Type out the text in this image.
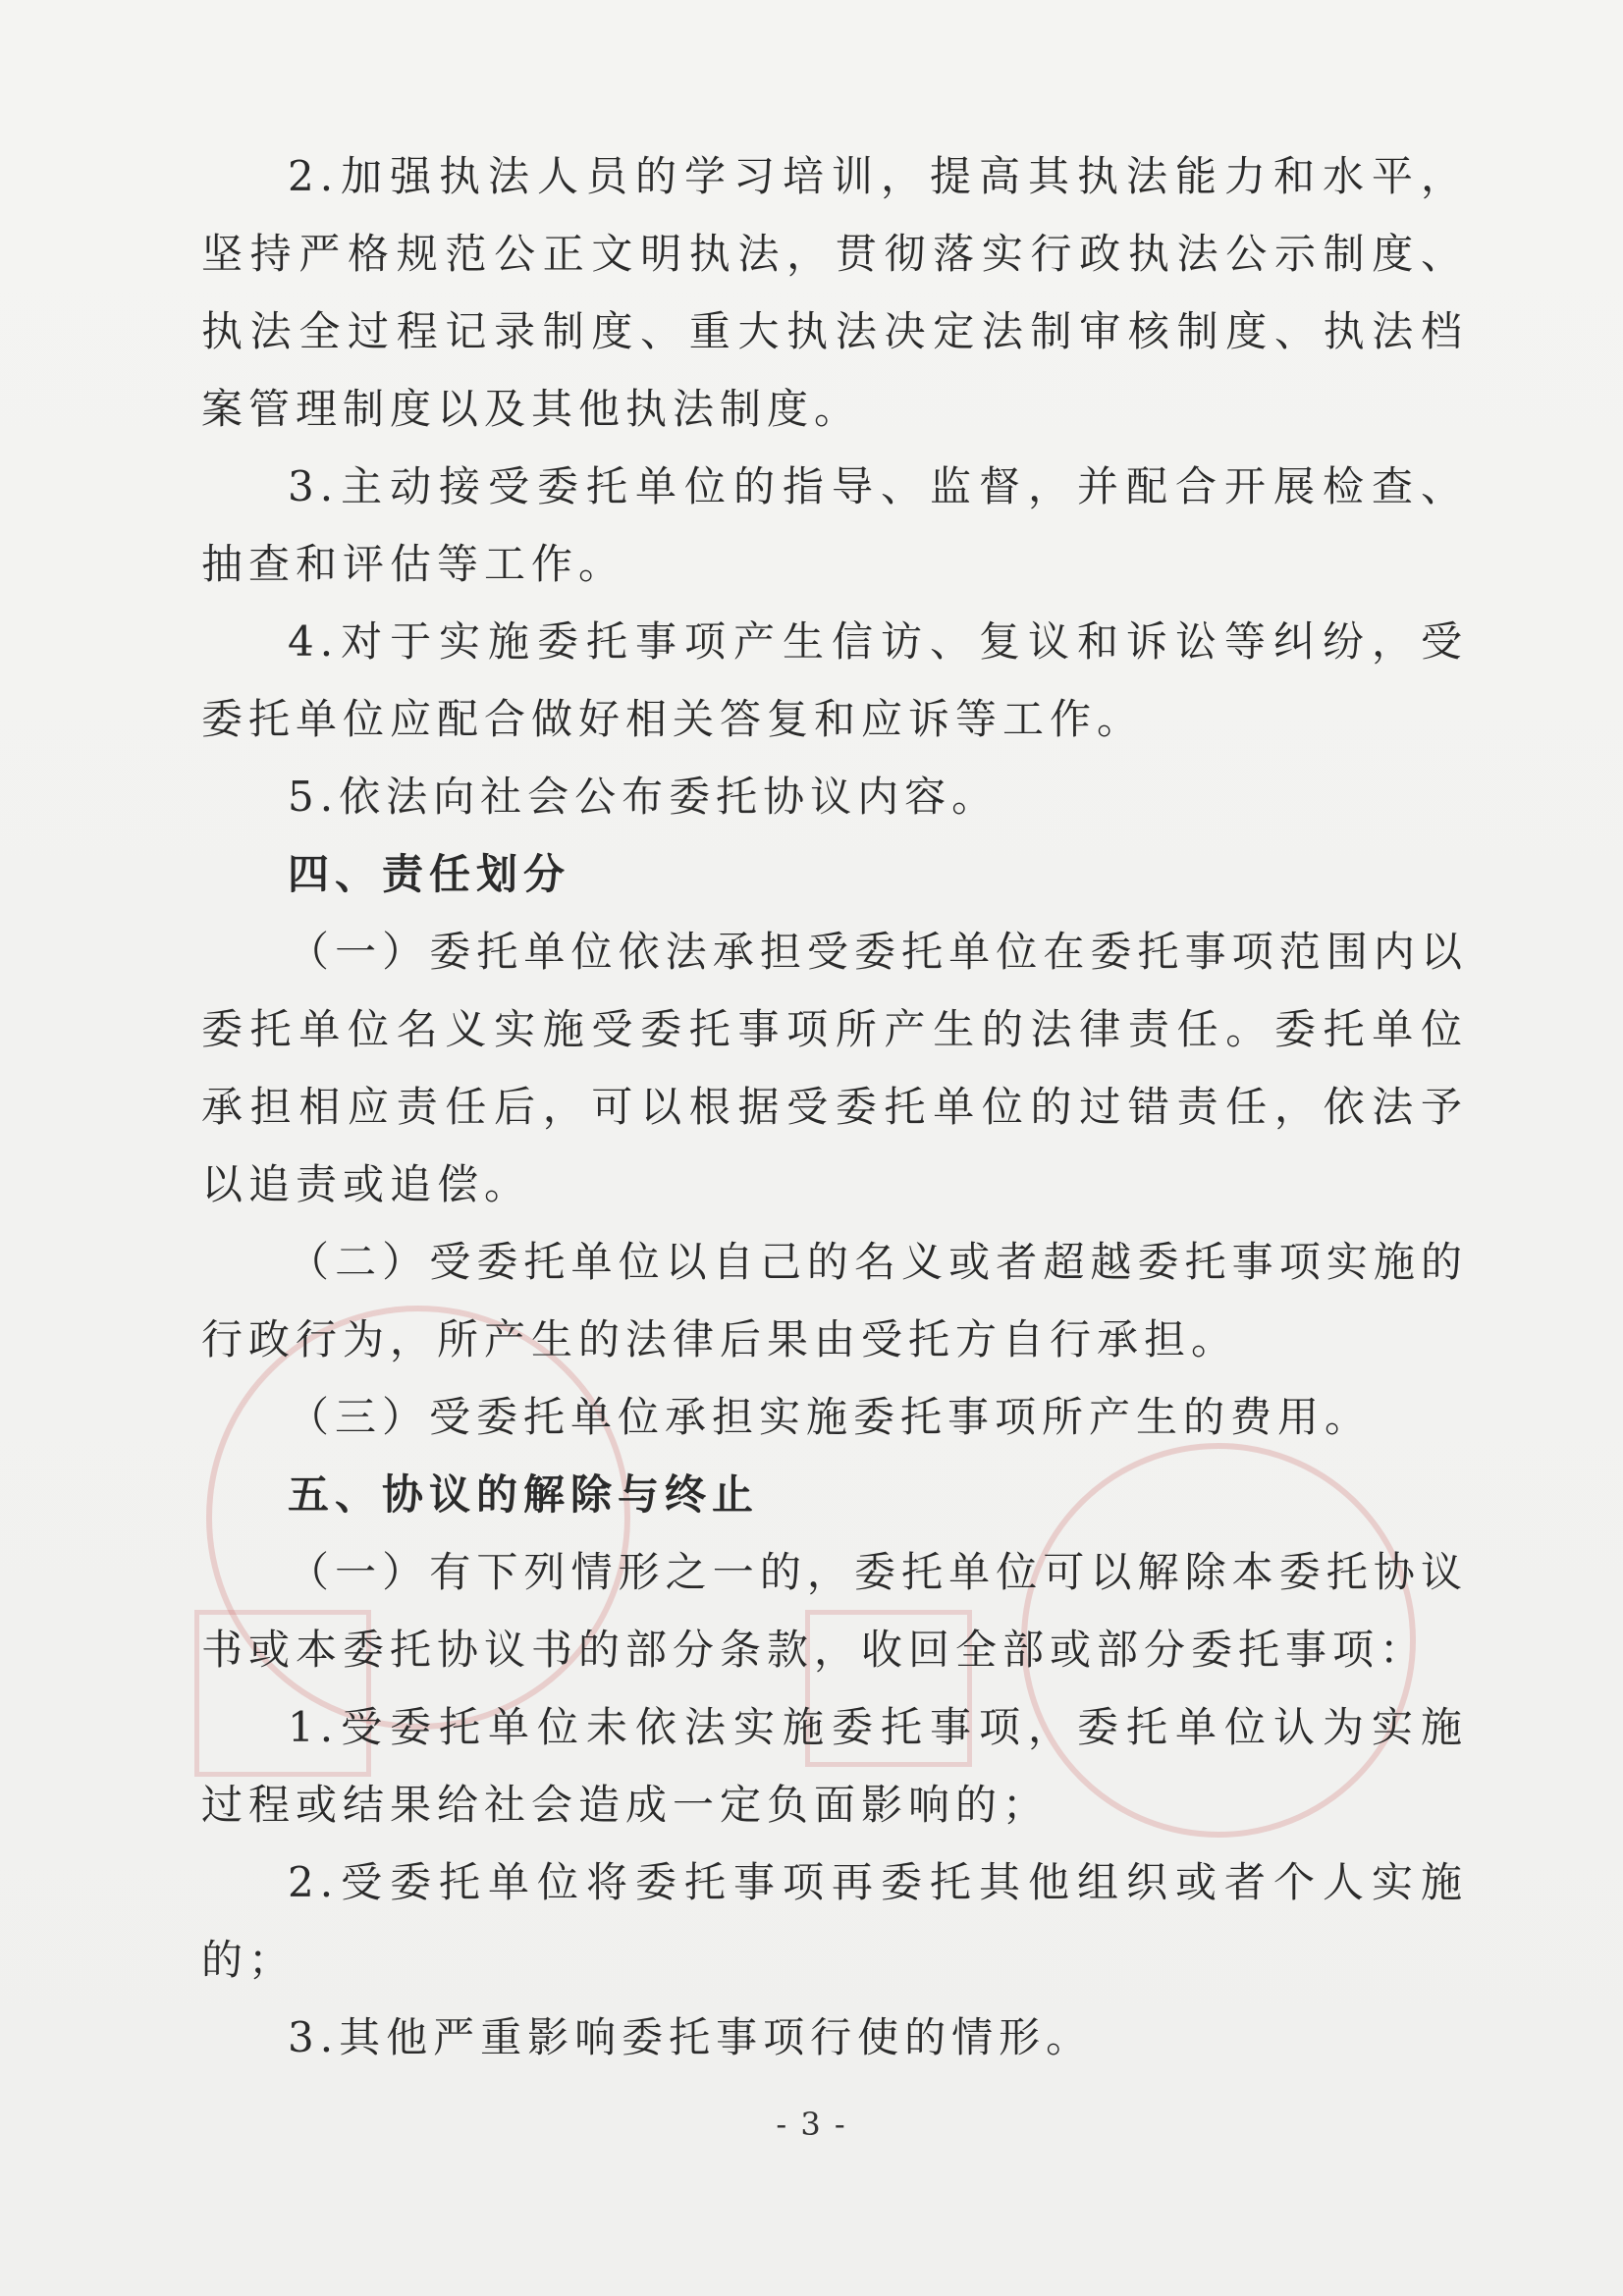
2.加强执法人员的学习培训，提高其执法能力和水平，坚持严格规范公正文明执法，贯彻落实行政执法公示制度、执法全过程记录制度、重大执法决定法制审核制度、执法档案管理制度以及其他执法制度。

3.主动接受委托单位的指导、监督，并配合开展检查、抽查和评估等工作。

4.对于实施委托事项产生信访、复议和诉讼等纠纷，受委托单位应配合做好相关答复和应诉等工作。

5.依法向社会公布委托协议内容。

四、责任划分

（一）委托单位依法承担受委托单位在委托事项范围内以委托单位名义实施受委托事项所产生的法律责任。委托单位承担相应责任后，可以根据受委托单位的过错责任，依法予以追责或追偿。

（二）受委托单位以自己的名义或者超越委托事项实施的行政行为，所产生的法律后果由受托方自行承担。

（三）受委托单位承担实施委托事项所产生的费用。

五、协议的解除与终止

（一）有下列情形之一的，委托单位可以解除本委托协议书或本委托协议书的部分条款，收回全部或部分委托事项：

1.受委托单位未依法实施委托事项，委托单位认为实施过程或结果给社会造成一定负面影响的；

2.受委托单位将委托事项再委托其他组织或者个人实施的；

3.其他严重影响委托事项行使的情形。

- 3 -
